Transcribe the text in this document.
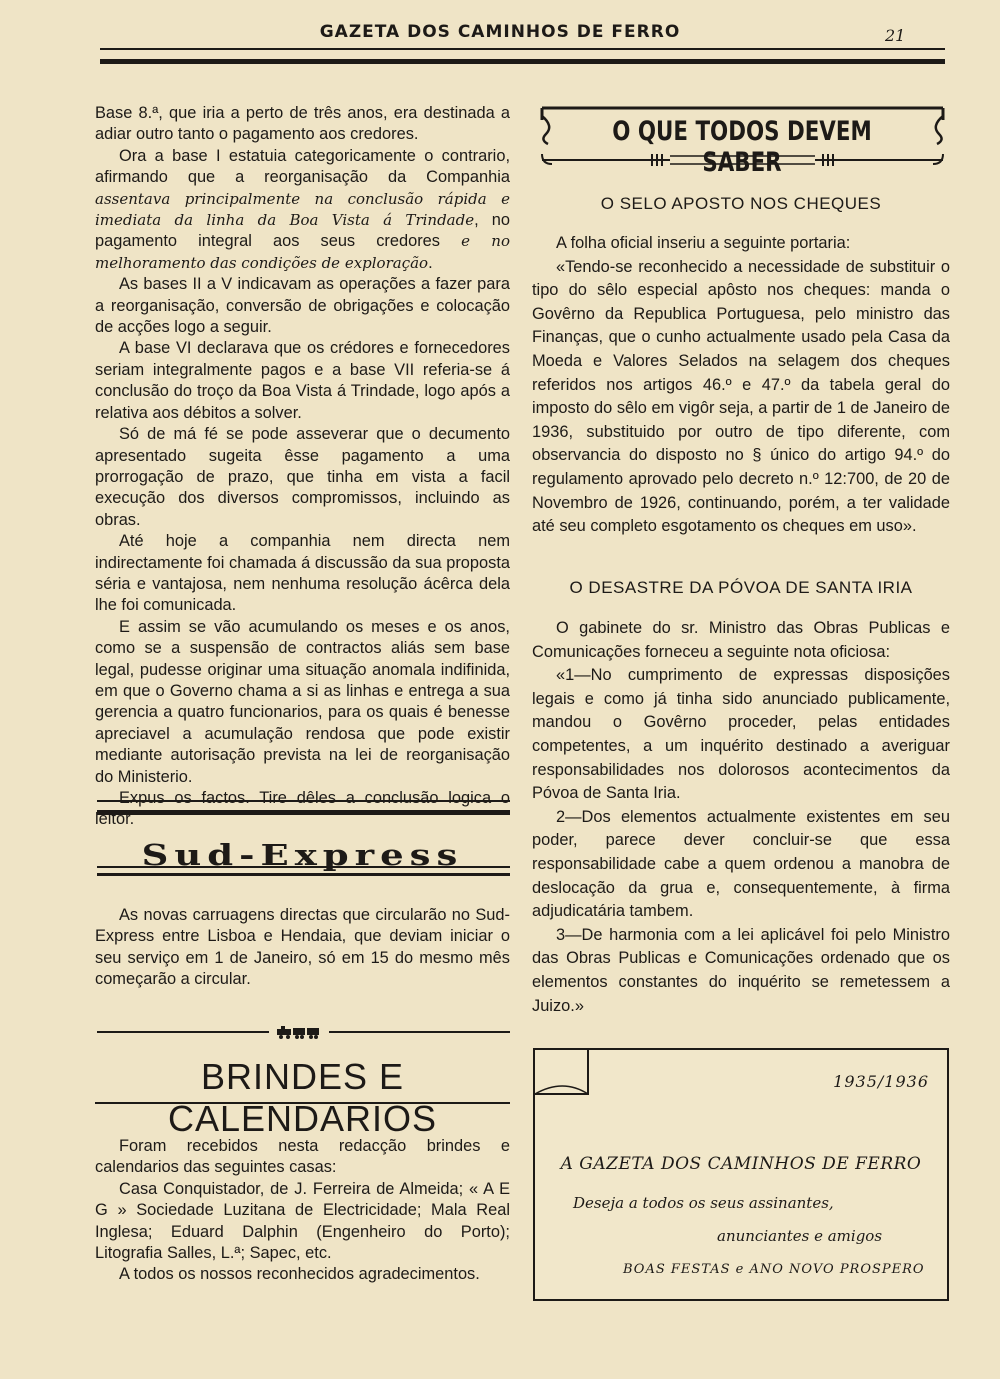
GAZETA DOS CAMINHOS DE FERRO	21

Base 8.ª, que iria a perto de três anos, era destinada a adiar outro tanto o pagamento aos credores.

Ora a base I estatuia categoricamente o contrario, afirmando que a reorganisação da Companhia assentava principalmente na conclusão rápida e imediata da linha da Boa Vista á Trindade, no pagamento integral aos seus credores e no melhoramento das condições de exploração.

As bases II a V indicavam as operações a fazer para a reorganisação, conversão de obrigações e colocação de acções logo a seguir.

A base VI declarava que os crédores e fornecedores seriam integralmente pagos e a base VII referia-se á conclusão do troço da Boa Vista á Trindade, logo após a relativa aos débitos a solver.

Só de má fé se pode asseverar que o decumento apresentado sugeita êsse pagamento a uma prorrogação de prazo, que tinha em vista a facil execução dos diversos compromissos, incluindo as obras.

Até hoje a companhia nem directa nem indirectamente foi chamada á discussão da sua proposta séria e vantajosa, nem nenhuma resolução ácêrca dela lhe foi comunicada.

E assim se vão acumulando os meses e os anos, como se a suspensão de contractos aliás sem base legal, pudesse originar uma situação anomala indifinida, em que o Governo chama a si as linhas e entrega a sua gerencia a quatro funcionarios, para os quais é benesse apreciavel a acumulação rendosa que pode existir mediante autorisação prevista na lei de reorganisação do Ministerio.

Expus os factos. Tire dêles a conclusão logica o leitor.

Sud-Express

As novas carruagens directas que circularão no Sud-Express entre Lisboa e Hendaia, que deviam iniciar o seu serviço em 1 de Janeiro, só em 15 do mesmo mês começarão a circular.

BRINDES E CALENDARIOS

Foram recebidos nesta redacção brindes e calendarios das seguintes casas:

Casa Conquistador, de J. Ferreira de Almeida; « A E G » Sociedade Luzitana de Electricidade; Mala Real Inglesa; Eduard Dalphin (Engenheiro do Porto); Litografia Salles, L.ª; Sapec, etc.

A todos os nossos reconhecidos agradecimentos.

O QUE TODOS DEVEM SABER
O SELO APOSTO NOS CHEQUES

A folha oficial inseriu a seguinte portaria:

«Tendo-se reconhecido a necessidade de substituir o tipo do sêlo especial apôsto nos cheques: manda o Govêrno da Republica Portuguesa, pelo ministro das Finanças, que o cunho actualmente usado pela Casa da Moeda e Valores Selados na selagem dos cheques referidos nos artigos 46.º e 47.º da tabela geral do imposto do sêlo em vigôr seja, a partir de 1 de Janeiro de 1936, substituido por outro de tipo diferente, com observancia do disposto no § único do artigo 94.º do regulamento aprovado pelo decreto n.º 12:700, de 20 de Novembro de 1926, continuando, porém, a ter validade até seu completo esgotamento os cheques em uso».

O DESASTRE DA PÓVOA DE SANTA IRIA

O gabinete do sr. Ministro das Obras Publicas e Comunicações forneceu a seguinte nota oficiosa:

«1—No cumprimento de expressas disposições legais e como já tinha sido anunciado publicamente, mandou o Govêrno proceder, pelas entidades competentes, a um inquérito destinado a averiguar responsabilidades nos dolorosos acontecimentos da Póvoa de Santa Iria.

2—Dos elementos actualmente existentes em seu poder, parece dever concluir-se que essa responsabilidade cabe a quem ordenou a manobra de deslocação da grua e, consequentemente, à firma adjudicatária tambem.

3—De harmonia com a lei aplicável foi pelo Ministro das Obras Publicas e Comunicações ordenado que os elementos constantes do inquérito se remetessem a Juizo.»

1935/1936
A GAZETA DOS CAMINHOS DE FERRO
Deseja a todos os seus assinantes,
anunciantes e amigos
BOAS FESTAS e ANO NOVO PROSPERO
